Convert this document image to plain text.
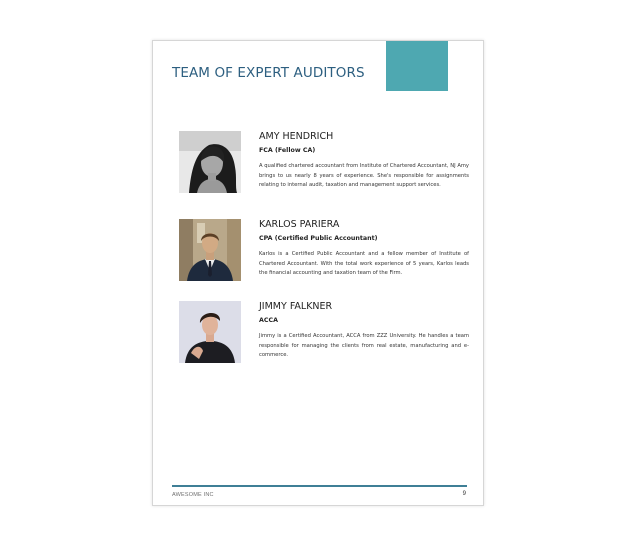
TEAM OF EXPERT AUDITORS
AMY HENDRICH
FCA (Fellow CA)
A qualified chartered accountant from Institute of Chartered Accountant, NJ Amy brings to us nearly 8 years of experience. She's responsible for assignments relating to internal audit, taxation and management support services.
KARLOS PARIERA
CPA (Certified Public Accountant)
Karlos is a Certified Public Accountant and a fellow member of Institute of Chartered Accountant. With the total work experience of 5 years, Karlos leads the financial accounting and taxation team of the Firm.
JIMMY FALKNER
ACCA
Jimmy is a Certified Accountant, ACCA from ZZZ University. He handles a team responsible for managing the clients from real estate, manufacturing and e-commerce.
AWESOME INC	9
